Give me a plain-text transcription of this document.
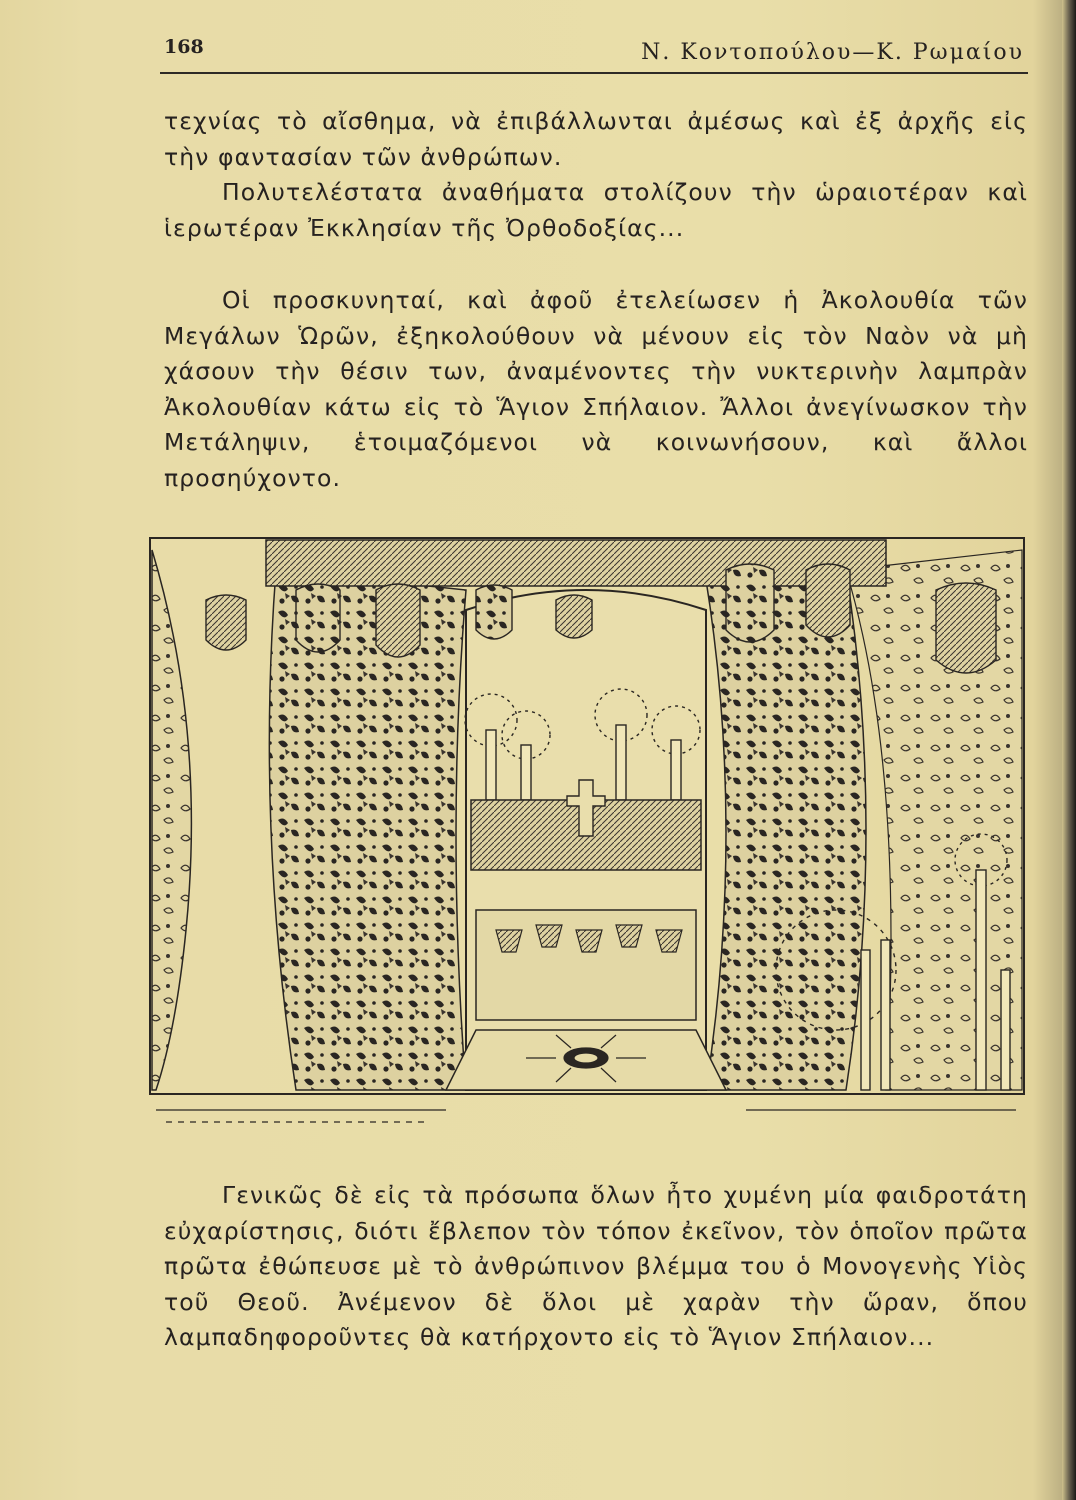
168	Ν. Κοντοπούλου—Κ. Ρωμαίου

τεχνίας τὸ αἴσθημα, νὰ ἐπιβάλλωνται ἀμέσως καὶ ἐξ ἀρχῆς εἰς τὴν φαντασίαν τῶν ἀνθρώπων.
Πολυτελέστατα ἀναθήματα στολίζουν τὴν ὡραιοτέραν καὶ ἱερωτέραν Ἐκκλησίαν τῆς Ὀρθοδοξίας...

Οἱ προσκυνηταί, καὶ ἀφοῦ ἐτελείωσεν ἡ Ἀκολουθία τῶν Μεγάλων Ὡρῶν, ἐξηκολούθουν νὰ μένουν εἰς τὸν Ναὸν νὰ μὴ χάσουν τὴν θέσιν των, ἀναμένοντες τὴν νυκτερινὴν λαμπρὰν Ἀκολουθίαν κάτω εἰς τὸ Ἅγιον Σπήλαιον. Ἄλλοι ἀνεγίνωσκον τὴν Μετάληψιν, ἑτοιμαζόμενοι νὰ κοινωνήσουν, καὶ ἄλλοι προσηύχοντο.

Γενικῶς δὲ εἰς τὰ πρόσωπα ὅλων ἦτο χυμένη μία φαιδροτάτη εὐχαρίστησις, διότι ἔβλεπον τὸν τόπον ἐκεῖνον, τὸν ὁποῖον πρῶτα πρῶτα ἐθώπευσε μὲ τὸ ἀνθρώπινον βλέμμα του ὁ Μονογενὴς Υἱὸς τοῦ Θεοῦ. Ἀνέμενον δὲ ὅλοι μὲ χαρὰν τὴν ὥραν, ὅπου λαμπαδηφοροῦντες θὰ κατήρχοντο εἰς τὸ Ἅγιον Σπήλαιον...
